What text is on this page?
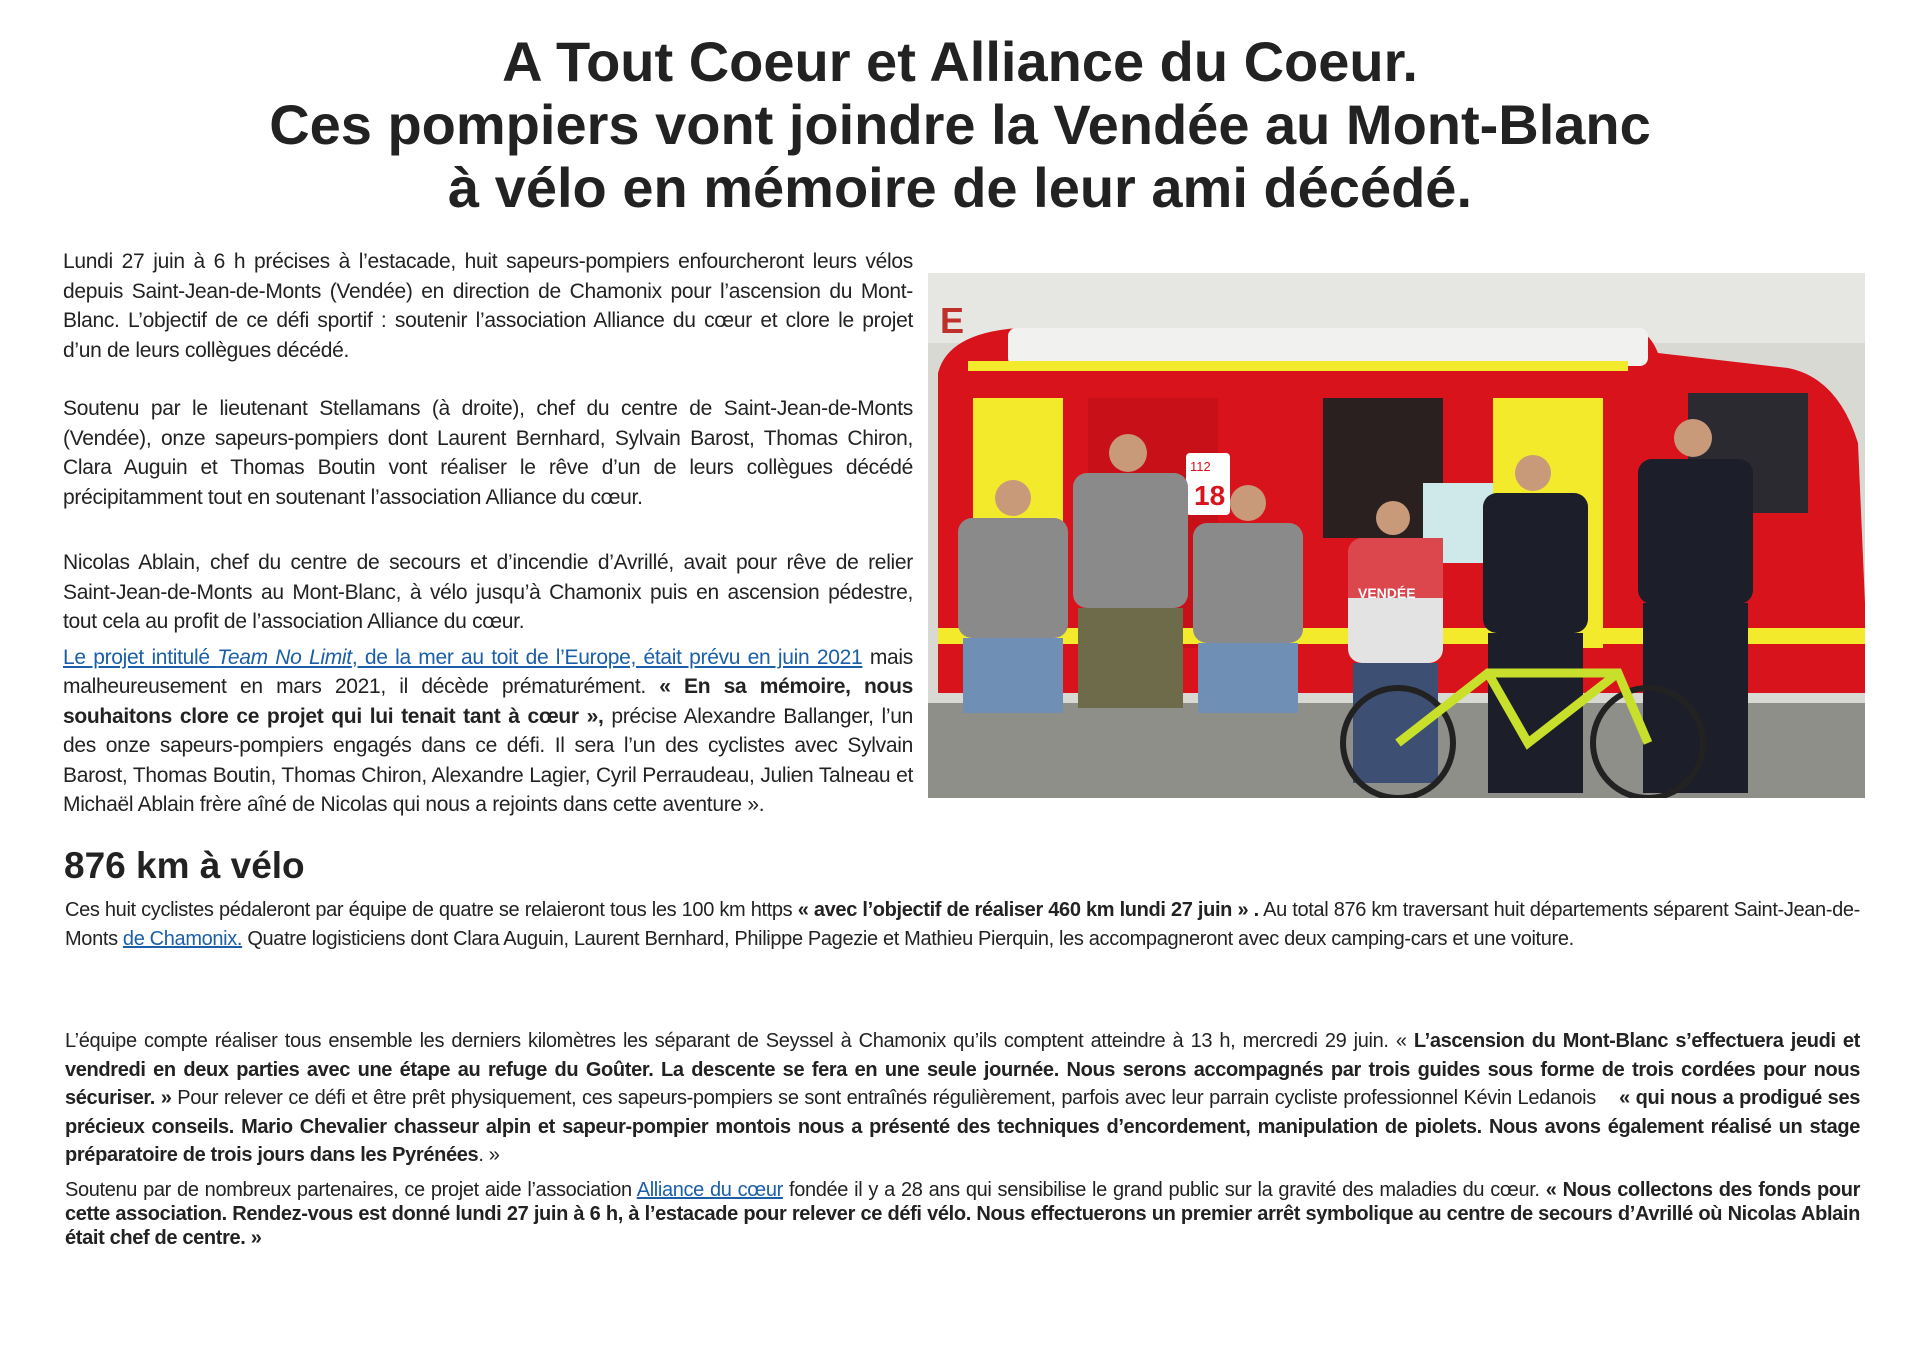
A Tout Coeur et Alliance du Coeur.
Ces pompiers vont joindre la Vendée au Mont-Blanc
à vélo en mémoire de leur ami décédé.

Lundi 27 juin à 6 h précises à l’estacade, huit sapeurs-pompiers enfourcheront leurs vélos depuis Saint-Jean-de-Monts (Vendée) en direction de Chamonix pour l’ascension du Mont-Blanc. L’objectif de ce défi sportif : soutenir l’association Alliance du cœur et clore le projet d’un de leurs collègues décédé.

Soutenu par le lieutenant Stellamans (à droite), chef du centre de Saint-Jean-de-Monts (Vendée), onze sapeurs-pompiers dont Laurent Bernhard, Sylvain Barost, Thomas Chiron, Clara Auguin et Thomas Boutin vont réaliser le rêve d’un de leurs collègues décédé précipitamment tout en soutenant l’association Alliance du cœur.

Nicolas Ablain, chef du centre de secours et d’incendie d’Avrillé, avait pour rêve de relier Saint-Jean-de-Monts au Mont-Blanc, à vélo jusqu’à Chamonix puis en ascension pédestre, tout cela au profit de l’association Alliance du cœur.

Le projet intitulé Team No Limit, de la mer au toit de l’Europe, était prévu en juin 2021 mais malheureusement en mars 2021, il décède prématurément. « En sa mémoire, nous souhaitons clore ce projet qui lui tenait tant à cœur », précise Alexandre Ballanger, l’un des onze sapeurs-pompiers engagés dans ce défi. Il sera l’un des cyclistes avec Sylvain Barost, Thomas Boutin, Thomas Chiron, Alexandre Lagier, Cyril Perraudeau, Julien Talneau et Michaël Ablain frère aîné de Nicolas qui nous a rejoints dans cette aventure ».

E
112
18
VENDÉE
876 km à vélo
Ces huit cyclistes pédaleront par équipe de quatre se relaieront tous les 100 km https « avec l’objectif de réaliser 460 km lundi 27 juin » . Au total 876 km traversant huit départements séparent Saint-Jean-de-Monts de Chamonix. Quatre logisticiens dont Clara Auguin, Laurent Bernhard, Philippe Pagezie et Mathieu Pierquin, les accompagneront avec deux camping-cars et une voiture.
L’équipe compte réaliser tous ensemble les derniers kilomètres les séparant de Seyssel à Chamonix qu’ils comptent atteindre à 13 h, mercredi 29 juin. « L’ascension du Mont-Blanc s’effectuera jeudi et vendredi en deux parties avec une étape au refuge du Goûter. La descente se fera en une seule journée. Nous serons accompagnés par trois guides sous forme de trois cordées pour nous sécuriser. » Pour relever ce défi et être prêt physiquement, ces sapeurs-pompiers se sont entraînés régulièrement, parfois avec leur parrain cycliste professionnel Kévin Ledanois    « qui nous a prodigué ses précieux conseils. Mario Chevalier chasseur alpin et sapeur-pompier montois nous a présenté des techniques d’encordement, manipulation de piolets. Nous avons également réalisé un stage préparatoire de trois jours dans les Pyrénées. »
Soutenu par de nombreux partenaires, ce projet aide l’association Alliance du cœur fondée il y a 28 ans qui sensibilise le grand public sur la gravité des maladies du cœur. « Nous collectons des fonds pour cette association. Rendez-vous est donné lundi 27 juin à 6 h, à l’estacade pour relever ce défi vélo. Nous effectuerons un premier arrêt symbolique au centre de secours d’Avrillé où Nicolas Ablain était chef de centre. »
